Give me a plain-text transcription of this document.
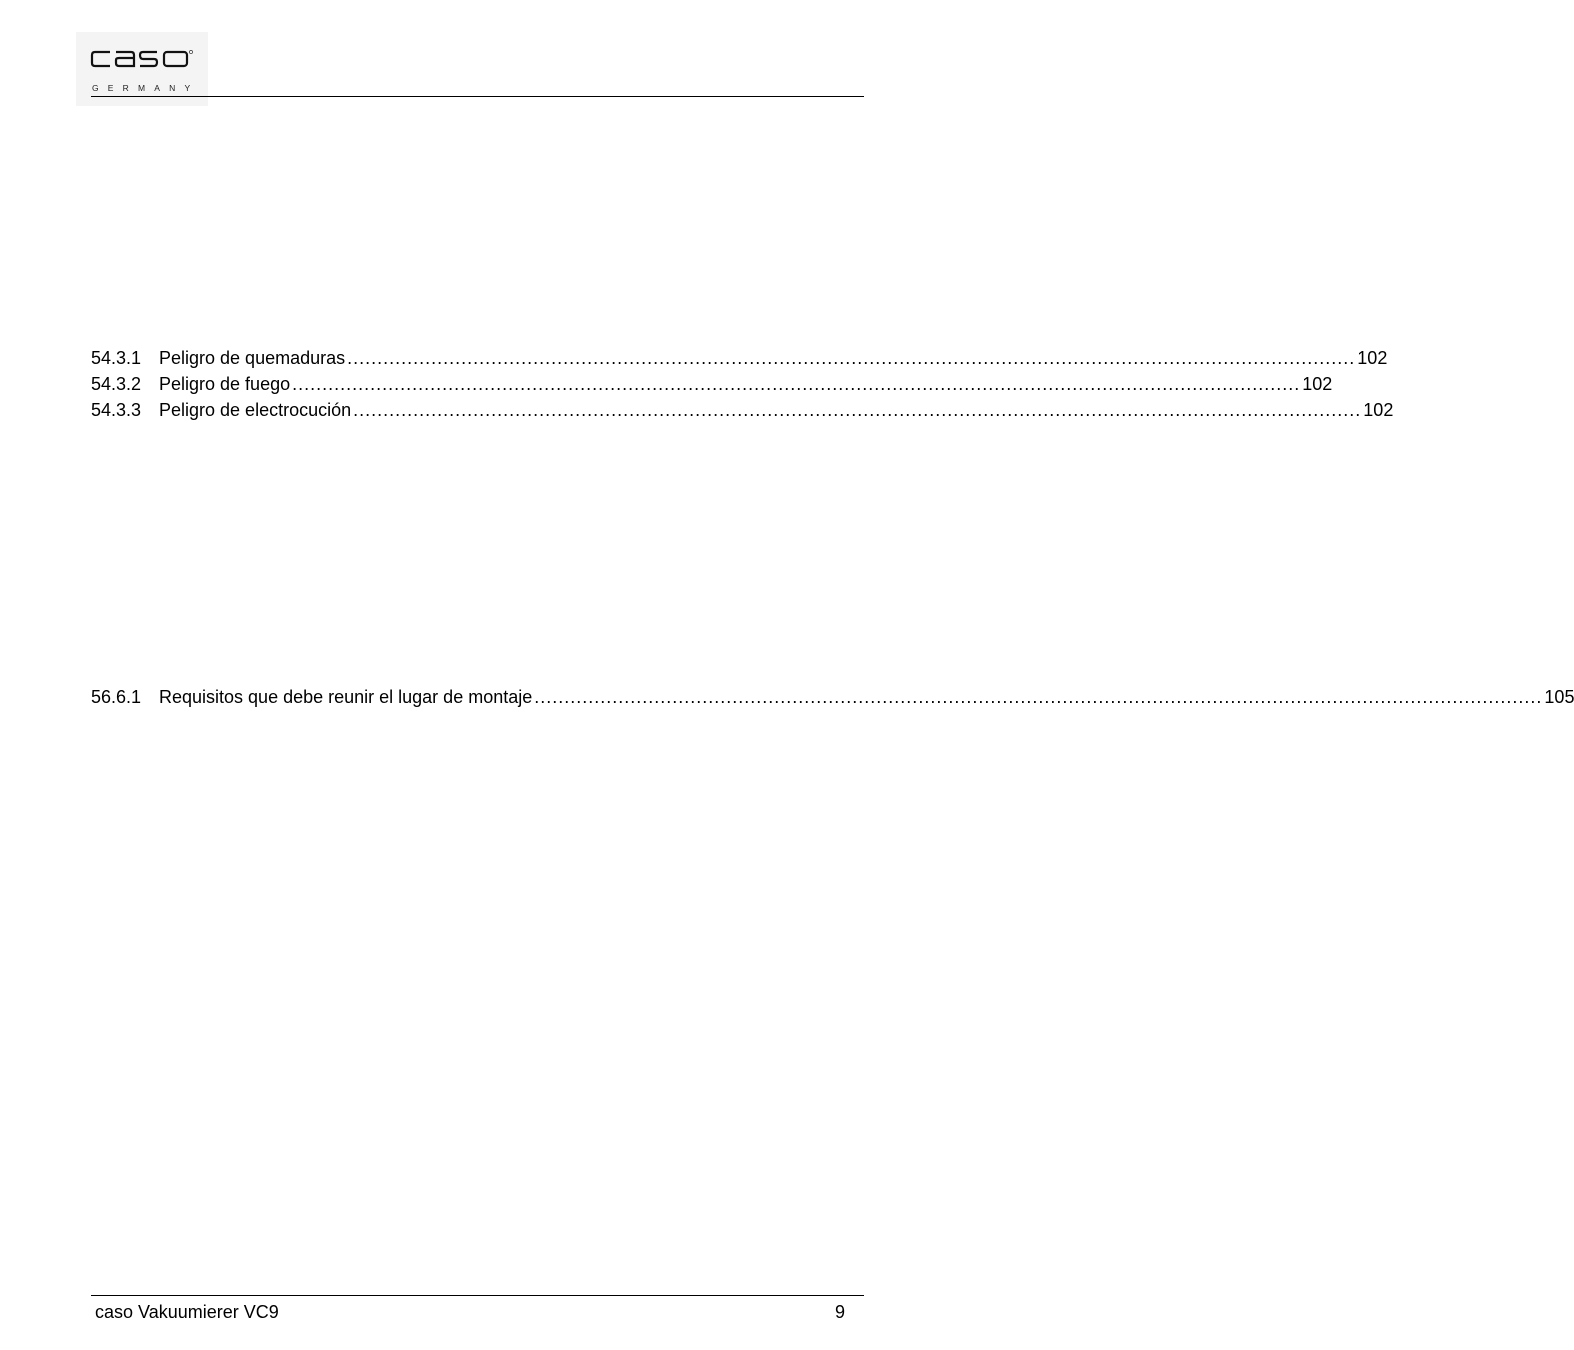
GERMANY
54.3.1 Peligro de quemaduras ........................................................................................................................................................................ 102
54.3.2 Peligro de fuego ........................................................................................................................................................................ 102
54.3.3 Peligro de electrocución ........................................................................................................................................................................ 102
56.6.1 Requisitos que debe reunir el lugar de montaje ........................................................................................................................................................................ 105
caso Vakuumierer VC9	9
